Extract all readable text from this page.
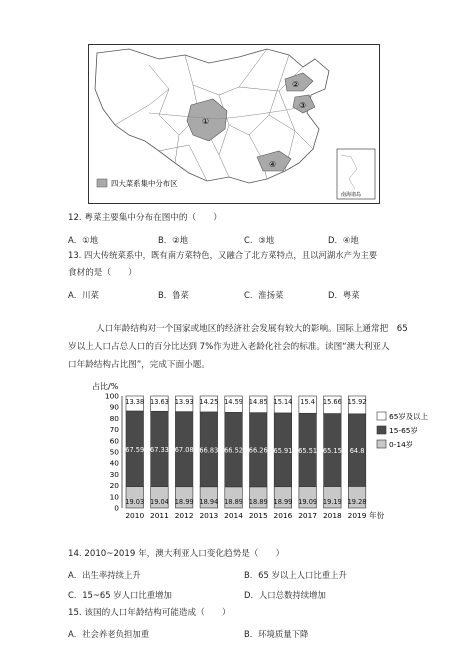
①
②
③
④
四大菜系集中分布区
南海诸岛
12. 粤菜主要集中分布在图中的（　　）
A．①地	B．②地	C．③地	D．④地
13. 四大传统菜系中，既有南方菜特色，又融合了北方菜特点，且以河湖水产为主要
食材的是（　　）
A．川菜	B．鲁菜	C．淮扬菜	D．粤菜
人口年龄结构对一个国家或地区的经济社会发展有较大的影响。国际上通常把　65
岁以上人口占总人口的百分比达到 7%作为进入老龄化社会的标准。读图“澳大利亚人
口年龄结构占比图”，完成下面小题。
占比/%
0
10
20
30
40
50
60
70
80
90
100
19.03
67.59
13.38
19.04
67.33
13.63
18.99
67.08
13.93
18.94
66.83
14.25
18.89
66.52
14.59
18.89
66.26
14.85
18.99
65.91
15.14
19.09
65.51
15.4
19.19
65.15
15.66
19.28
64.8
15.92
2010 2011 2012 2013 2014 2015 2016 2017 2018 2019 年份
65岁及以上
15-65岁
0-14岁
14. 2010~2019 年，澳大利亚人口变化趋势是（　　）
A．出生率持续上升	B．65 岁以上人口比重上升
C．15~65 岁人口比重增加	D．人口总数持续增加
15. 该国的人口年龄结构可能造成（　　）
A．社会养老负担加重	B．环境质量下降
